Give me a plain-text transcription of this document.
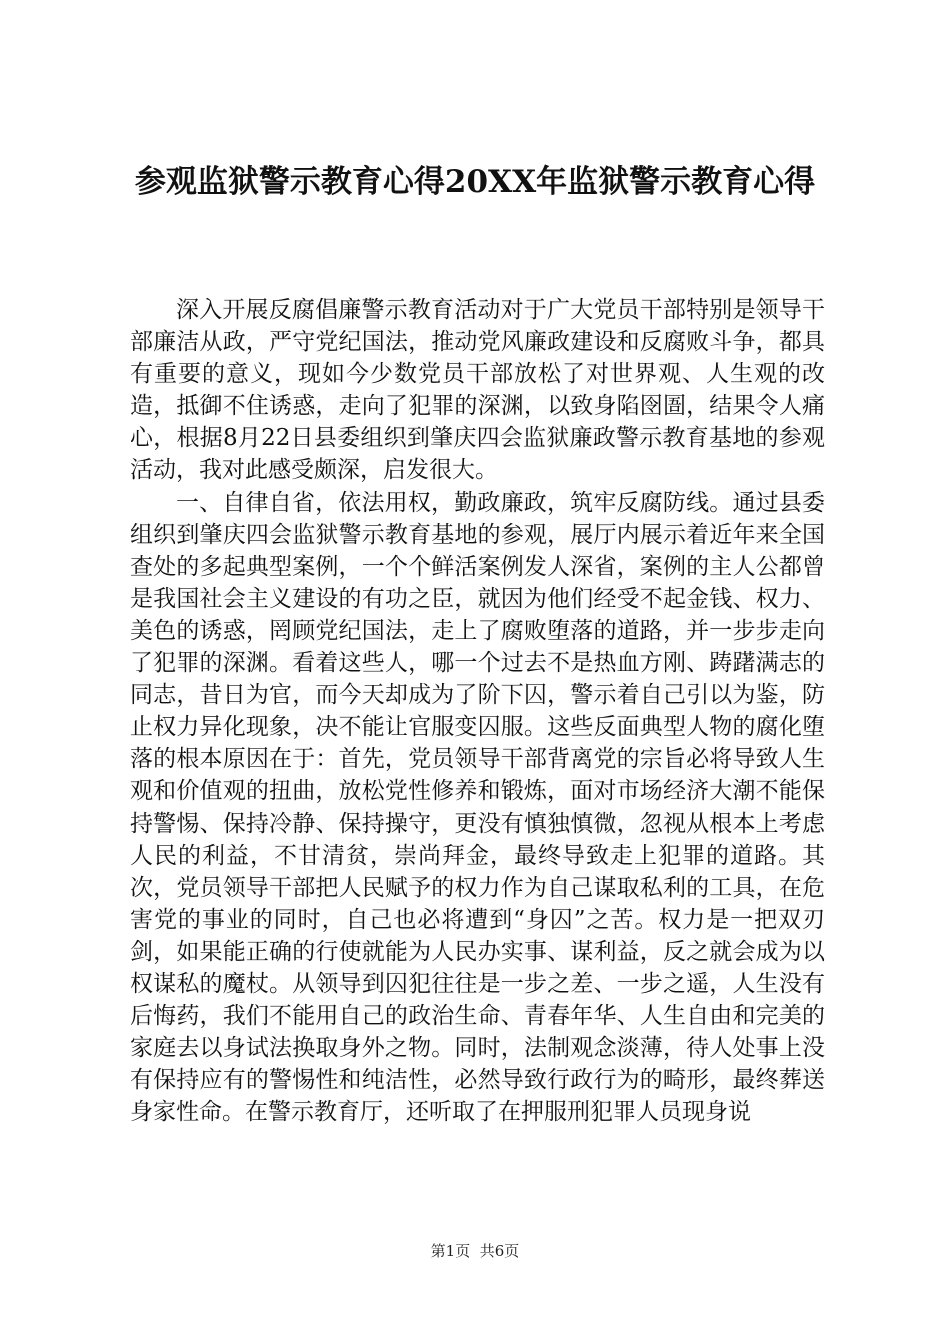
参观监狱警示教育心得20XX年监狱警示教育心得

深入开展反腐倡廉警示教育活动对于广大党员干部特别是领导干部廉洁从政，严守党纪国法，推动党风廉政建设和反腐败斗争，都具有重要的意义，现如今少数党员干部放松了对世界观、人生观的改造，抵御不住诱惑，走向了犯罪的深渊，以致身陷囹圄，结果令人痛心，根据8月22日县委组织到肇庆四会监狱廉政警示教育基地的参观活动，我对此感受颇深，启发很大。

一、自律自省，依法用权，勤政廉政，筑牢反腐防线。通过县委组织到肇庆四会监狱警示教育基地的参观，展厅内展示着近年来全国查处的多起典型案例，一个个鲜活案例发人深省，案例的主人公都曾是我国社会主义建设的有功之臣，就因为他们经受不起金钱、权力、美色的诱惑，罔顾党纪国法，走上了腐败堕落的道路，并一步步走向了犯罪的深渊。看着这些人，哪一个过去不是热血方刚、踌躇满志的同志，昔日为官，而今天却成为了阶下囚，警示着自己引以为鉴，防止权力异化现象，决不能让官服变囚服。这些反面典型人物的腐化堕落的根本原因在于：首先，党员领导干部背离党的宗旨必将导致人生观和价值观的扭曲，放松党性修养和锻炼，面对市场经济大潮不能保持警惕、保持冷静、保持操守，更没有慎独慎微，忽视从根本上考虑人民的利益，不甘清贫，崇尚拜金，最终导致走上犯罪的道路。其次，党员领导干部把人民赋予的权力作为自己谋取私利的工具，在危害党的事业的同时，自己也必将遭到“身囚”之苦。权力是一把双刃剑，如果能正确的行使就能为人民办实事、谋利益，反之就会成为以权谋私的魔杖。从领导到囚犯往往是一步之差、一步之遥，人生没有后悔药，我们不能用自己的政治生命、青春年华、人生自由和完美的家庭去以身试法换取身外之物。同时，法制观念淡薄，待人处事上没有保持应有的警惕性和纯洁性，必然导致行政行为的畸形，最终葬送身家性命。在警示教育厅，还听取了在押服刑犯罪人员现身说

第1页 共6页
